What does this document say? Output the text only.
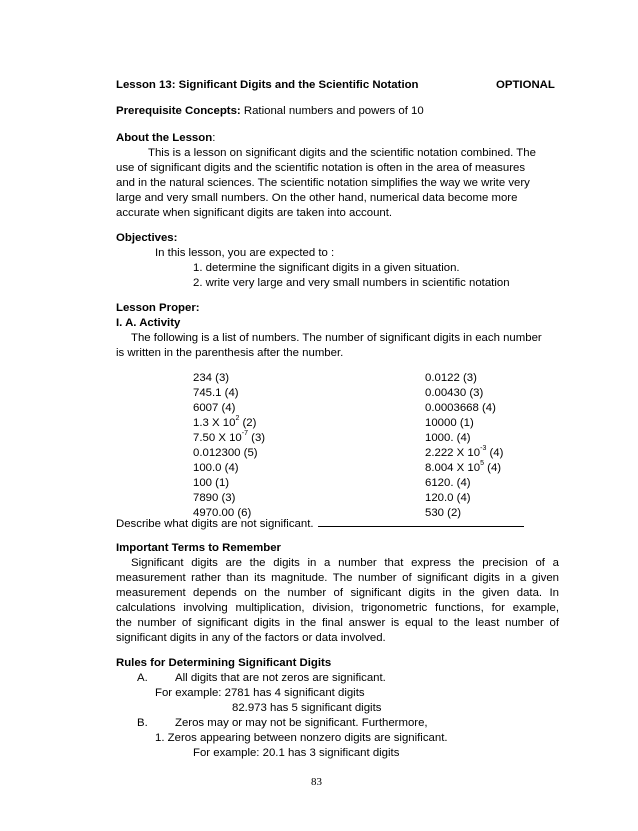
Lesson 13: Significant Digits and the Scientific Notation	OPTIONAL
Prerequisite Concepts: Rational numbers and powers of 10
About the Lesson:
This is a lesson on significant digits and the scientific notation combined. The
use of significant digits and the scientific notation is often in the area of measures
and in the natural sciences. The scientific notation simplifies the way we write very
large and very small numbers. On the other hand, numerical data become more
accurate when significant digits are taken into account.
Objectives:
In this lesson, you are expected to :
1. determine the significant digits in a given situation.
2. write very large and very small numbers in scientific notation
Lesson Proper:
I. A. Activity
The following is a list of numbers. The number of significant digits in each number
is written in the parenthesis after the number.
234 (3)
745.1 (4)
6007 (4)
1.3 X $10^2$ (2)
7.50 X $10^{-7}$ (3)
0.012300 (5)
100.0 (4)
100 (1)
7890 (3)
4970.00 (6)
0.0122 (3)
0.00430 (3)
0.0003668 (4)
10000 (1)
1000. (4)
2.222 X $10^{-3}$ (4)
8.004 X $10^5$ (4)
6120. (4)
120.0 (4)
530 (2)
Describe what digits are not significant.
Important Terms to Remember
Significant digits are the digits in a number that express the precision of a
measurement rather than its magnitude. The number of significant digits in a given
measurement depends on the number of significant digits in the given data. In
calculations involving multiplication, division, trigonometric functions, for example,
the number of significant digits in the final answer is equal to the least number of
significant digits in any of the factors or data involved.
Rules for Determining Significant Digits
A. All digits that are not zeros are significant.
For example: 2781 has 4 significant digits
82.973 has 5 significant digits
B. Zeros may or may not be significant. Furthermore,
1. Zeros appearing between nonzero digits are significant.
For example: 20.1 has 3 significant digits
83
